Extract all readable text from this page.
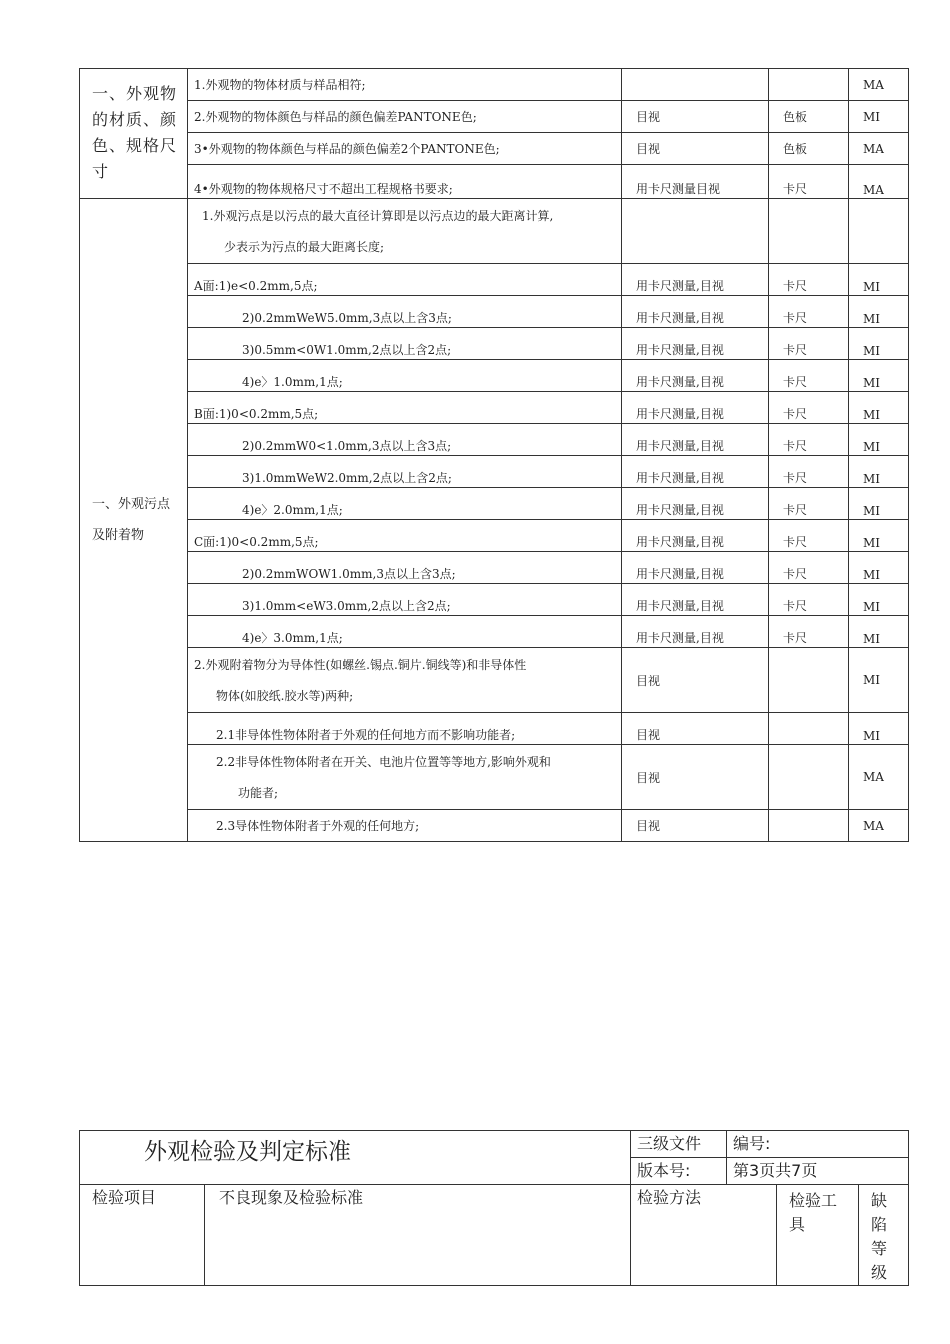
一、外观物的材质、颜色、规格尺寸	1.外观物的物体材质与样品相符;			MA
	2.外观物的物体颜色与样品的颜色偏差PANTONE色;	目视	色板	MI
	3•外观物的物体颜色与样品的颜色偏差2个PANTONE色;	目视	色板	MA
	4•外观物的物体规格尺寸不超出工程规格书要求;	用卡尺测量目视	卡尺	MA
一、外观污点及附着物	1.外观污点是以污点的最大直径计算即是以污点边的最大距离计算,
少表示为污点的最大距离长度;			

	A面:1)e<0.2mm,5点;	用卡尺测量,目视	卡尺	MI
	2)0.2mmWeW5.0mm,3点以上含3点;	用卡尺测量,目视	卡尺	MI
	3)0.5mm<0W1.0mm,2点以上含2点;	用卡尺测量,目视	卡尺	MI
	4)e〉1.0mm,1点;	用卡尺测量,目视	卡尺	MI
	B面:1)0<0.2mm,5点;	用卡尺测量,目视	卡尺	MI
	2)0.2mmW0<1.0mm,3点以上含3点;	用卡尺测量,目视	卡尺	MI
	3)1.0mmWeW2.0mm,2点以上含2点;	用卡尺测量,目视	卡尺	MI
	4)e〉2.0mm,1点;	用卡尺测量,目视	卡尺	MI
	C面:1)0<0.2mm,5点;	用卡尺测量,目视	卡尺	MI
	2)0.2mmWOW1.0mm,3点以上含3点;	用卡尺测量,目视	卡尺	MI
	3)1.0mm<eW3.0mm,2点以上含2点;	用卡尺测量,目视	卡尺	MI
	4)e〉3.0mm,1点;	用卡尺测量,目视	卡尺	MI
	2.外观附着物分为导体性(如螺丝.锡点.铜片.铜线等)和非导体性
物体(如胶纸.胶水等)两种;	目视		MI
	2.1非导体性物体附者于外观的任何地方而不影响功能者;	目视		MI
	2.2非导体性物体附者在开关、电池片位置等等地方,影响外观和
功能者;	目视		MA
	2.3导体性物体附者于外观的任何地方;	目视		MA
外观检验及判定标准		三级文件	编号:		
		版本号:	第3页共7页		
检验项目	不良现象及检验标准	检验方法		检验工具	缺陷等级
